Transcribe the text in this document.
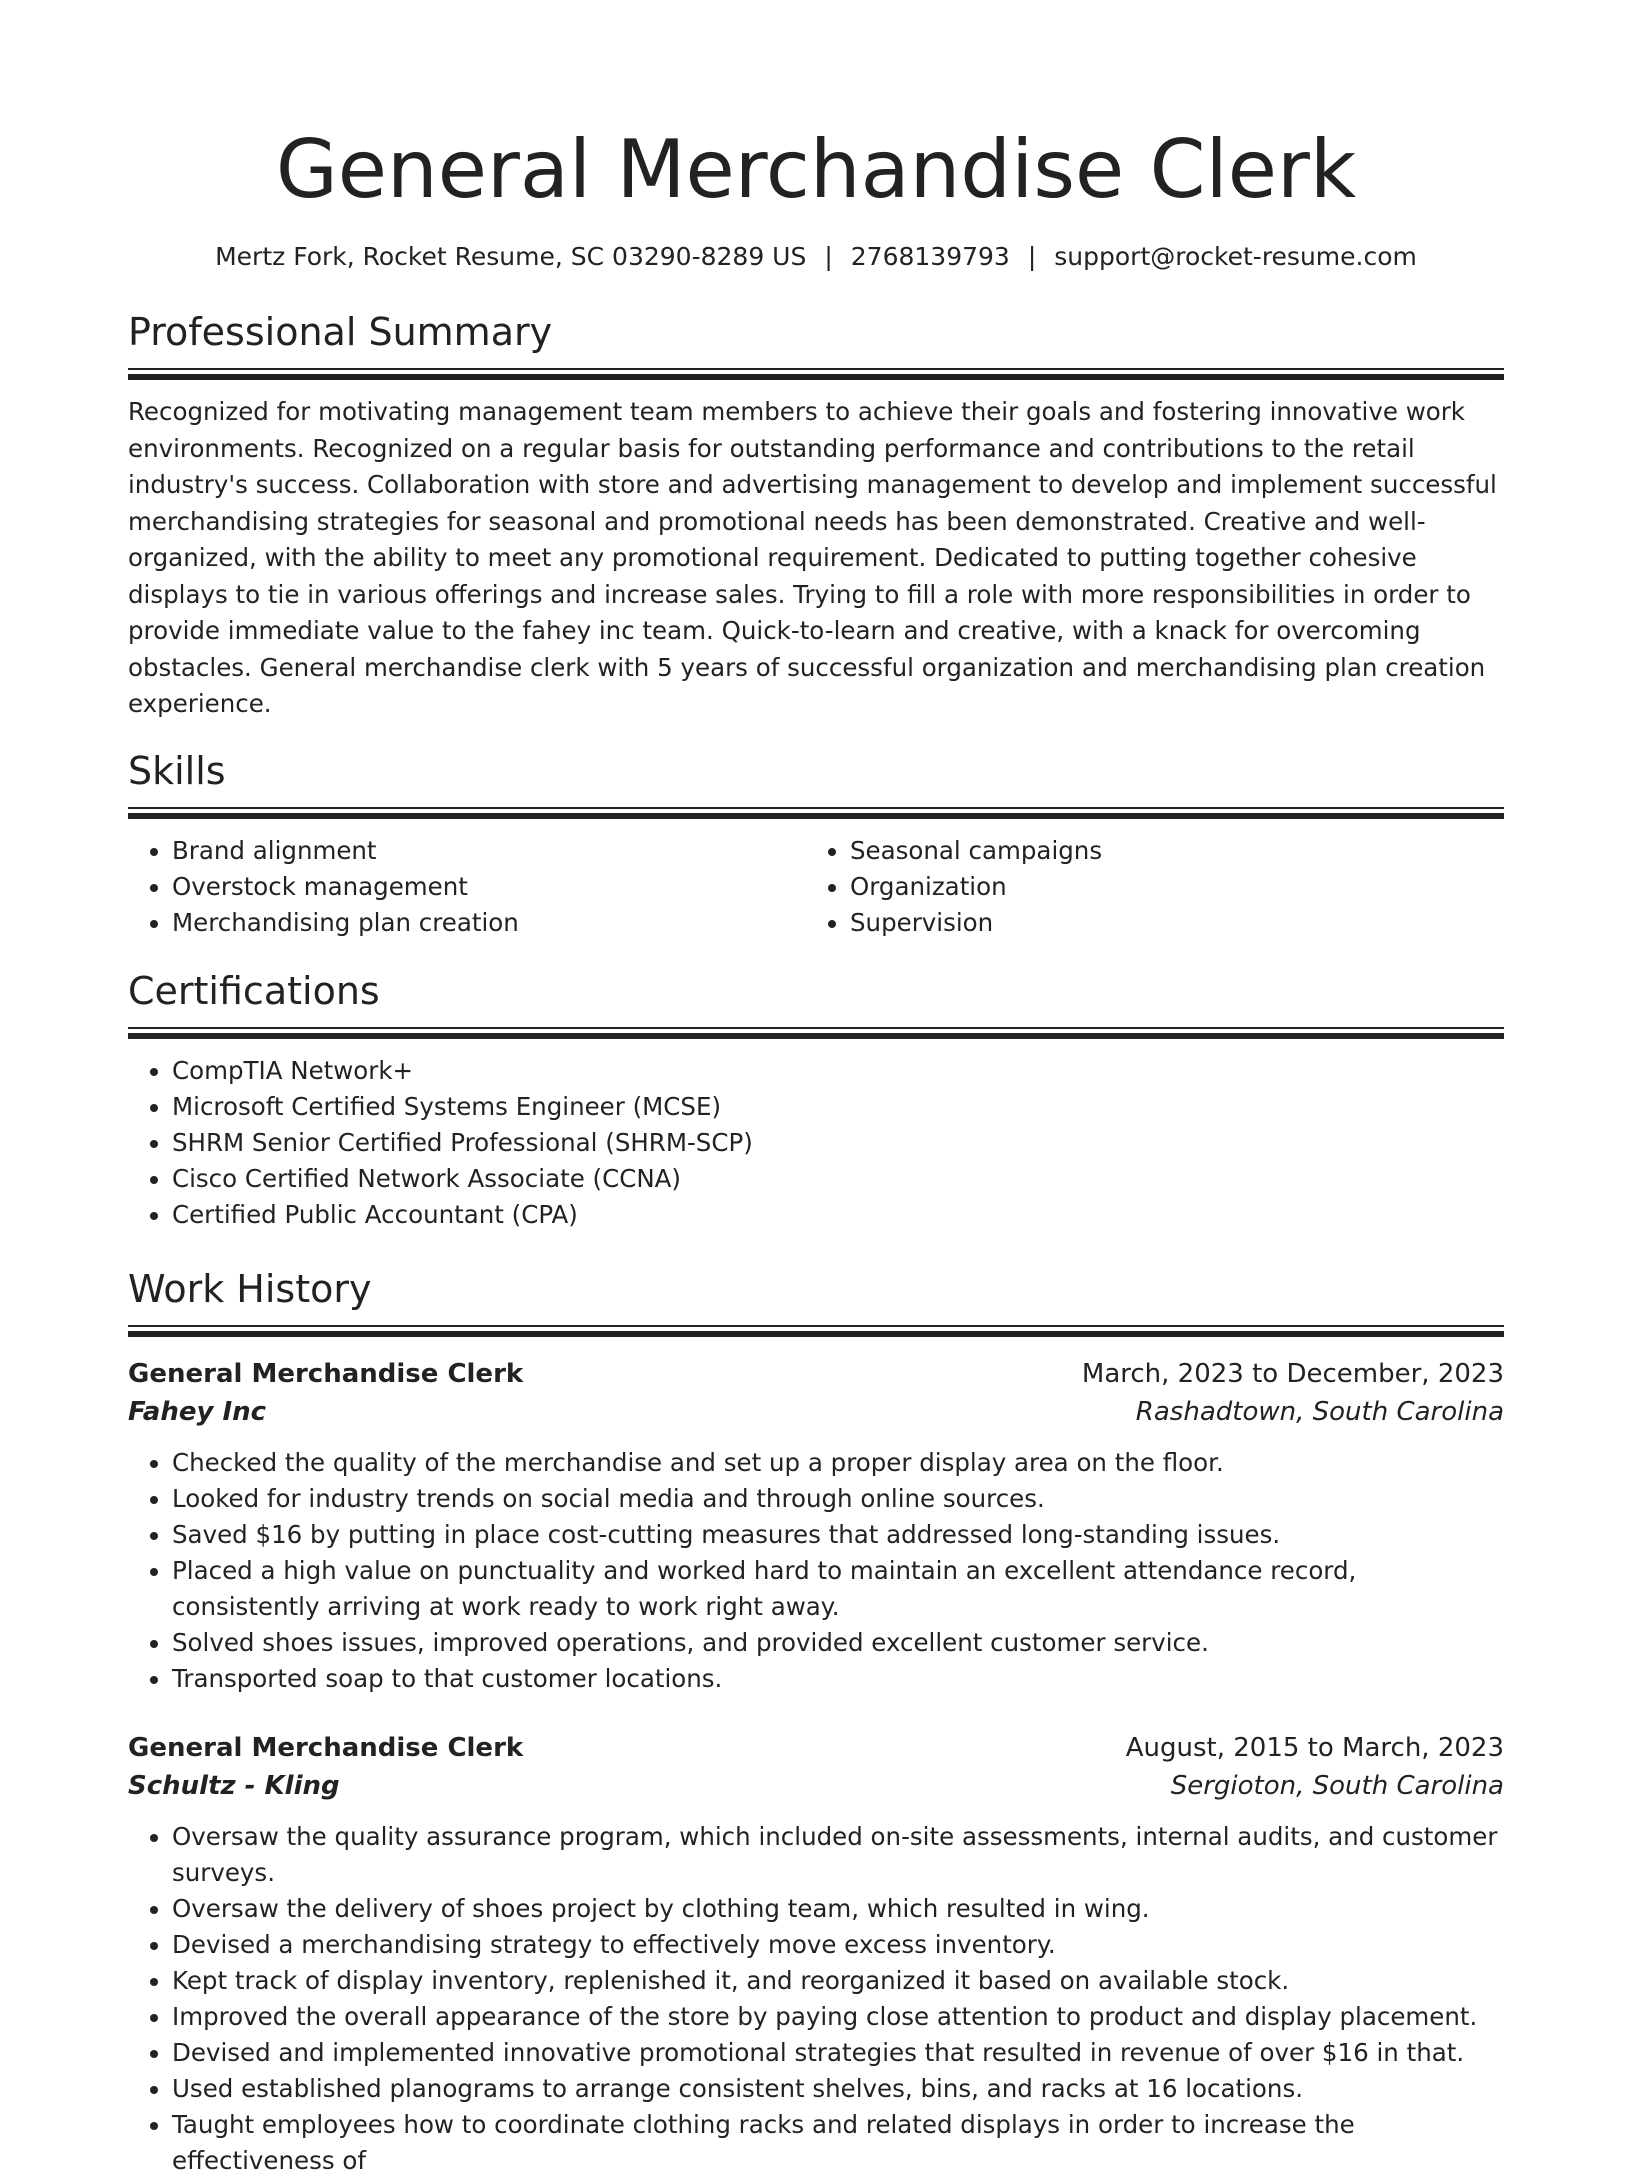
General Merchandise Clerk
Mertz Fork, Rocket Resume, SC 03290-8289 US | 2768139793 | support@rocket-resume.com
Professional Summary

Recognized for motivating management team members to achieve their goals and fostering innovative work environments. Recognized on a regular basis for outstanding performance and contributions to the retail industry's success. Collaboration with store and advertising management to develop and implement successful merchandising strategies for seasonal and promotional needs has been demonstrated. Creative and well-organized, with the ability to meet any promotional requirement. Dedicated to putting together cohesive displays to tie in various offerings and increase sales. Trying to fill a role with more responsibilities in order to provide immediate value to the fahey inc team. Quick-to-learn and creative, with a knack for overcoming obstacles. General merchandise clerk with 5 years of successful organization and merchandising plan creation experience.

Skills
• Brand alignment
• Overstock management
• Merchandising plan creation
• Seasonal campaigns
• Organization
• Supervision
Certifications
• CompTIA Network+
• Microsoft Certified Systems Engineer (MCSE)
• SHRM Senior Certified Professional (SHRM-SCP)
• Cisco Certified Network Associate (CCNA)
• Certified Public Accountant (CPA)
Work History
General Merchandise Clerk	March, 2023 to December, 2023
Fahey Inc	Rashadtown, South Carolina
• Checked the quality of the merchandise and set up a proper display area on the floor.
• Looked for industry trends on social media and through online sources.
• Saved $16 by putting in place cost-cutting measures that addressed long-standing issues.
• Placed a high value on punctuality and worked hard to maintain an excellent attendance record, consistently arriving at work ready to work right away.
• Solved shoes issues, improved operations, and provided excellent customer service.
• Transported soap to that customer locations.
General Merchandise Clerk	August, 2015 to March, 2023
Schultz - Kling	Sergioton, South Carolina
• Oversaw the quality assurance program, which included on-site assessments, internal audits, and customer surveys.
• Oversaw the delivery of shoes project by clothing team, which resulted in wing.
• Devised a merchandising strategy to effectively move excess inventory.
• Kept track of display inventory, replenished it, and reorganized it based on available stock.
• Improved the overall appearance of the store by paying close attention to product and display placement.
• Devised and implemented innovative promotional strategies that resulted in revenue of over $16 in that.
• Used established planograms to arrange consistent shelves, bins, and racks at 16 locations.
• Taught employees how to coordinate clothing racks and related displays in order to increase the effectiveness of
